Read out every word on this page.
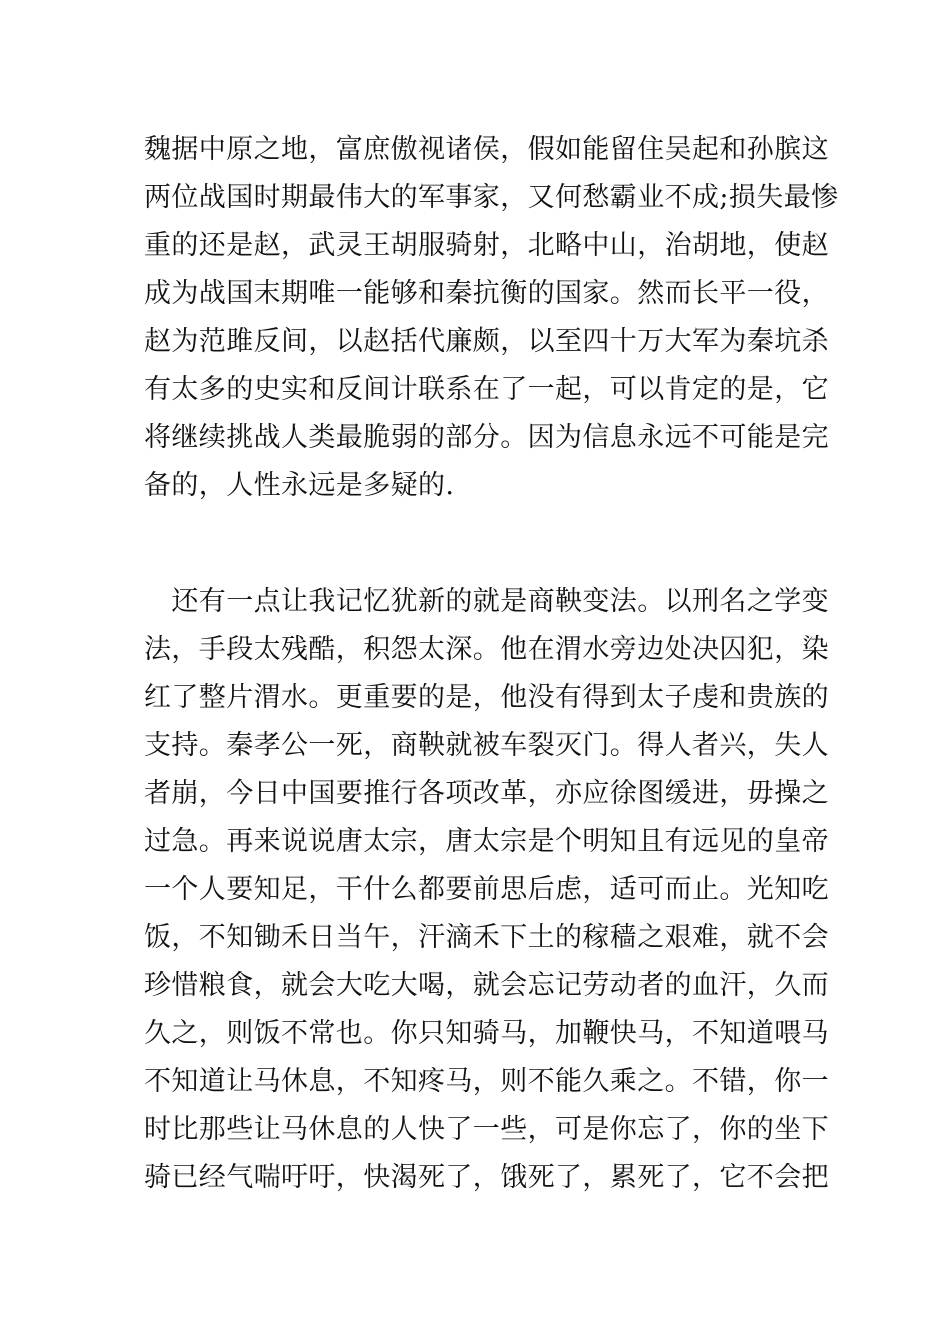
魏据中原之地，富庶傲视诸侯，假如能留住吴起和孙膑这
两位战国时期最伟大的军事家，又何愁霸业不成;损失最惨
重的还是赵，武灵王胡服骑射，北略中山，治胡地，使赵
成为战国末期唯一能够和秦抗衡的国家。然而长平一役，
赵为范雎反间，以赵括代廉颇，以至四十万大军为秦坑杀
有太多的史实和反间计联系在了一起，可以肯定的是，它
将继续挑战人类最脆弱的部分。因为信息永远不可能是完
备的，人性永远是多疑的.
　还有一点让我记忆犹新的就是商鞅变法。以刑名之学变
法，手段太残酷，积怨太深。他在渭水旁边处决囚犯，染
红了整片渭水。更重要的是，他没有得到太子虔和贵族的
支持。秦孝公一死，商鞅就被车裂灭门。得人者兴，失人
者崩，今日中国要推行各项改革，亦应徐图缓进，毋操之
过急。再来说说唐太宗，唐太宗是个明知且有远见的皇帝
一个人要知足，干什么都要前思后虑，适可而止。光知吃
饭，不知锄禾日当午，汗滴禾下土的稼穑之艰难，就不会
珍惜粮食，就会大吃大喝，就会忘记劳动者的血汗，久而
久之，则饭不常也。你只知骑马，加鞭快马，不知道喂马
不知道让马休息，不知疼马，则不能久乘之。不错，你一
时比那些让马休息的人快了一些，可是你忘了，你的坐下
骑已经气喘吁吁，快渴死了，饿死了，累死了，它不会把
